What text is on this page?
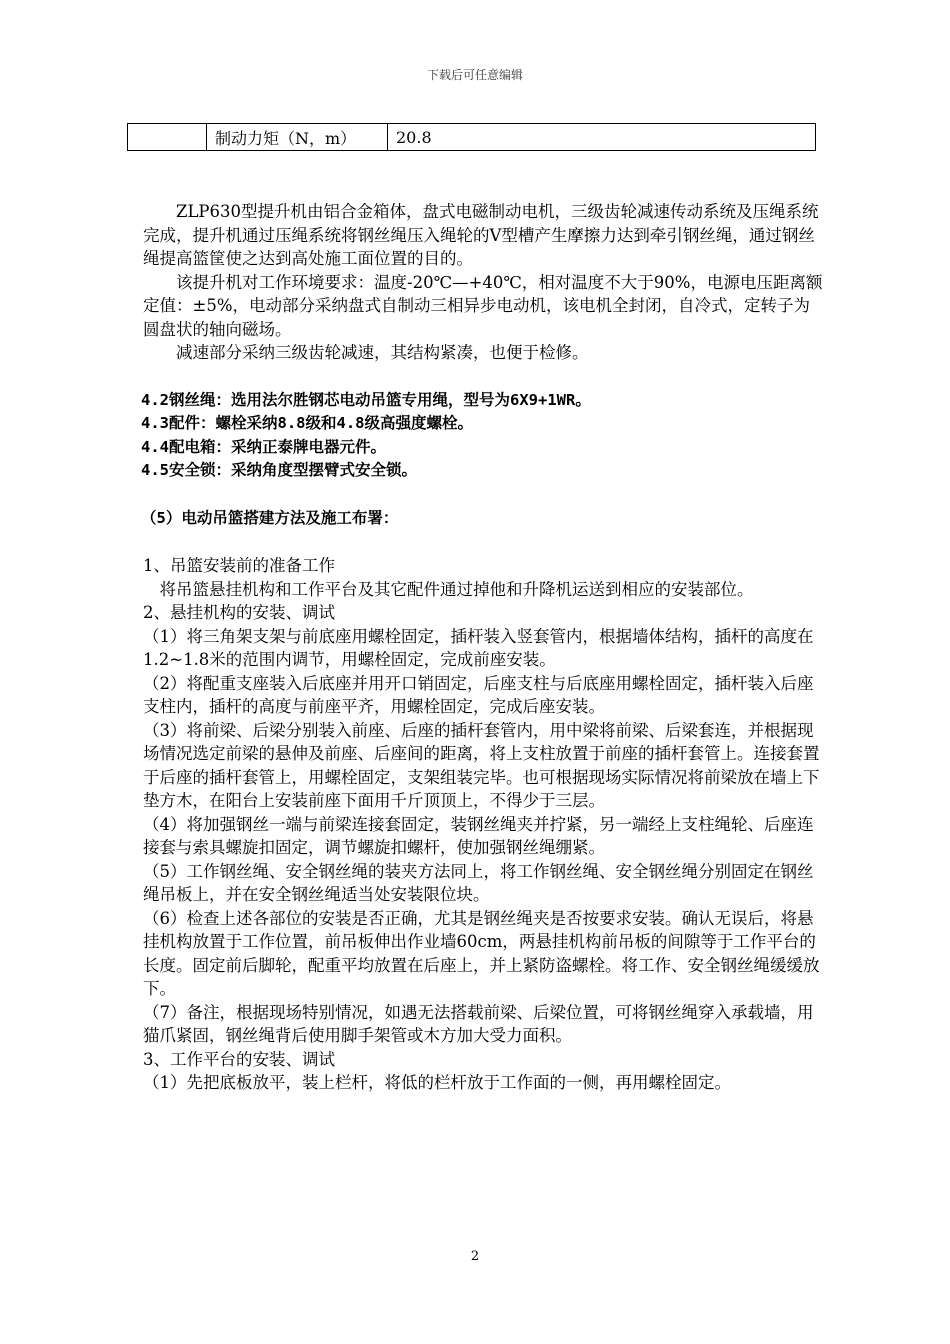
下载后可任意编辑
	制动力矩（N，m）	20.8

ZLP630型提升机由铝合金箱体，盘式电磁制动电机，三级齿轮减速传动系统及压绳系统完成，提升机通过压绳系统将钢丝绳压入绳轮的V型槽产生摩擦力达到牵引钢丝绳，通过钢丝绳提高篮筐使之达到高处施工面位置的目的。

该提升机对工作环境要求：温度-20℃—+40℃，相对温度不大于90%，电源电压距离额定值：±5%，电动部分采纳盘式自制动三相异步电动机，该电机全封闭，自冷式，定转子为圆盘状的轴向磁场。

减速部分采纳三级齿轮减速，其结构紧凑，也便于检修。

4.2钢丝绳：选用法尔胜钢芯电动吊篮专用绳，型号为6X9+1WR。

4.3配件：螺栓采纳8.8级和4.8级高强度螺栓。

4.4配电箱：采纳正泰牌电器元件。

4.5安全锁：采纳角度型摆臂式安全锁。

（5）电动吊篮搭建方法及施工布署：

1、吊篮安装前的准备工作

将吊篮悬挂机构和工作平台及其它配件通过掉他和升降机运送到相应的安装部位。

2、悬挂机构的安装、调试

（1）将三角架支架与前底座用螺栓固定，插杆装入竖套管内，根据墙体结构，插杆的高度在1.2~1.8米的范围内调节，用螺栓固定，完成前座安装。

（2）将配重支座装入后底座并用开口销固定，后座支柱与后底座用螺栓固定，插杆装入后座支柱内，插杆的高度与前座平齐，用螺栓固定，完成后座安装。

（3）将前梁、后梁分别装入前座、后座的插杆套管内，用中梁将前梁、后梁套连，并根据现场情况选定前梁的悬伸及前座、后座间的距离，将上支柱放置于前座的插杆套管上。连接套置于后座的插杆套管上，用螺栓固定，支架组装完毕。也可根据现场实际情况将前梁放在墙上下垫方木，在阳台上安装前座下面用千斤顶顶上，不得少于三层。

（4）将加强钢丝一端与前梁连接套固定，装钢丝绳夹并拧紧，另一端经上支柱绳轮、后座连接套与索具螺旋扣固定，调节螺旋扣螺杆，使加强钢丝绳绷紧。

（5）工作钢丝绳、安全钢丝绳的装夹方法同上，将工作钢丝绳、安全钢丝绳分别固定在钢丝绳吊板上，并在安全钢丝绳适当处安装限位块。

（6）检查上述各部位的安装是否正确，尤其是钢丝绳夹是否按要求安装。确认无误后，将悬挂机构放置于工作位置，前吊板伸出作业墙60cm，两悬挂机构前吊板的间隙等于工作平台的长度。固定前后脚轮，配重平均放置在后座上，并上紧防盗螺栓。将工作、安全钢丝绳缓缓放下。

（7）备注，根据现场特别情况，如遇无法搭载前梁、后梁位置，可将钢丝绳穿入承载墙，用猫爪紧固，钢丝绳背后使用脚手架管或木方加大受力面积。

3、工作平台的安装、调试

（1）先把底板放平，装上栏杆，将低的栏杆放于工作面的一侧，再用螺栓固定。

2
